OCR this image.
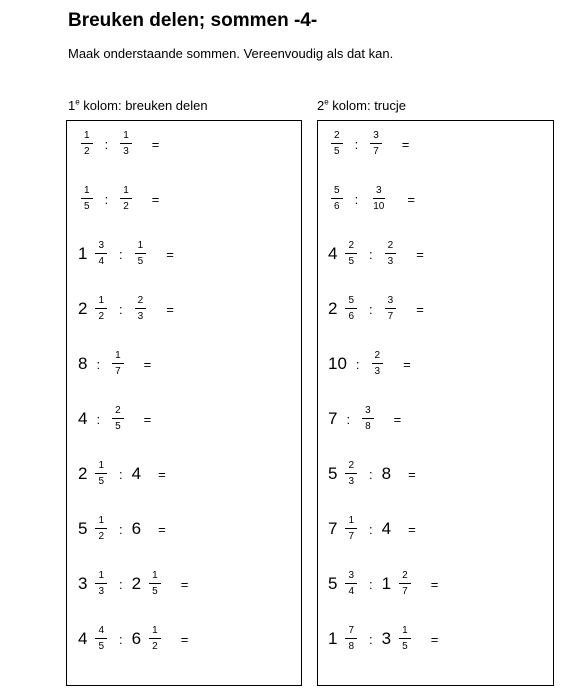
Breuken delen; sommen -4-
Maak onderstaande sommen. Vereenvoudig als dat kan.
1e kolom: breuken delen	2e kolom: trucje
$\frac{1}{2}$ : $\frac{1}{3}$ =
$\frac{1}{5}$ : $\frac{1}{2}$ =
$1 \frac{3}{4}$ : $\frac{1}{5}$ =
$2 \frac{1}{2}$ : $\frac{2}{3}$ =
8 : $\frac{1}{7}$ =
4 : $\frac{2}{5}$ =
$2 \frac{1}{5}$ : 4 =
$5 \frac{1}{2}$ : 6 =
$3 \frac{1}{3}$ : $2 \frac{1}{5}$ =
$4 \frac{4}{5}$ : $6 \frac{1}{2}$ =
$\frac{2}{5}$ : $\frac{3}{7}$ =
$\frac{5}{6}$ : $\frac{3}{10}$ =
$4 \frac{2}{5}$ : $\frac{2}{3}$ =
$2 \frac{5}{6}$ : $\frac{3}{7}$ =
10 : $\frac{2}{3}$ =
7 : $\frac{3}{8}$ =
$5 \frac{2}{3}$ : 8 =
$7 \frac{1}{7}$ : 4 =
$5 \frac{3}{4}$ : $1 \frac{2}{7}$ =
$1 \frac{7}{8}$ : $3 \frac{1}{5}$ =
